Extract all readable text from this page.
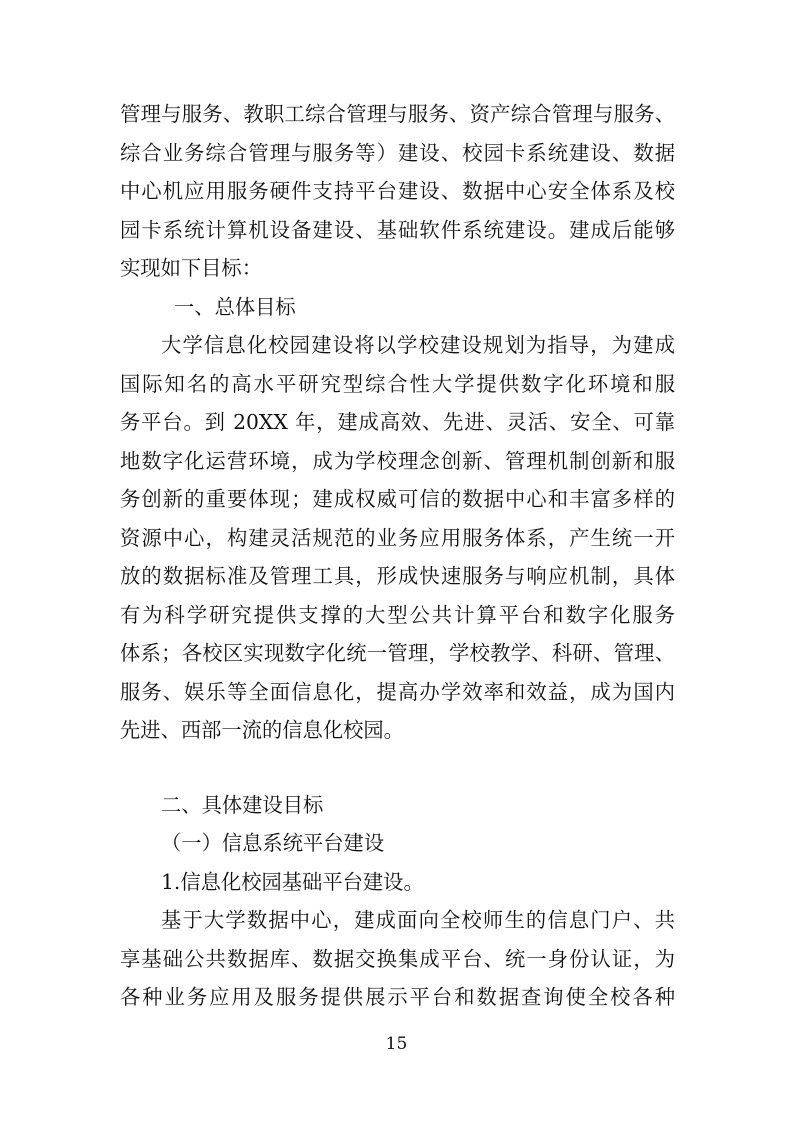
管理与服务、教职工综合管理与服务、资产综合管理与服务、
综合业务综合管理与服务等）建设、校园卡系统建设、数据
中心机应用服务硬件支持平台建设、数据中心安全体系及校
园卡系统计算机设备建设、基础软件系统建设。建成后能够
实现如下目标：
一、总体目标
大学信息化校园建设将以学校建设规划为指导，为建成
国际知名的高水平研究型综合性大学提供数字化环境和服
务平台。到 20XX 年，建成高效、先进、灵活、安全、可靠
地数字化运营环境，成为学校理念创新、管理机制创新和服
务创新的重要体现；建成权威可信的数据中心和丰富多样的
资源中心，构建灵活规范的业务应用服务体系，产生统一开
放的数据标准及管理工具，形成快速服务与响应机制，具体
有为科学研究提供支撑的大型公共计算平台和数字化服务
体系；各校区实现数字化统一管理，学校教学、科研、管理、
服务、娱乐等全面信息化，提高办学效率和效益，成为国内
先进、西部一流的信息化校园。
二、具体建设目标
（一）信息系统平台建设
1.信息化校园基础平台建设。
基于大学数据中心，建成面向全校师生的信息门户、共
享基础公共数据库、数据交换集成平台、统一身份认证，为
各种业务应用及服务提供展示平台和数据查询使全校各种
15
